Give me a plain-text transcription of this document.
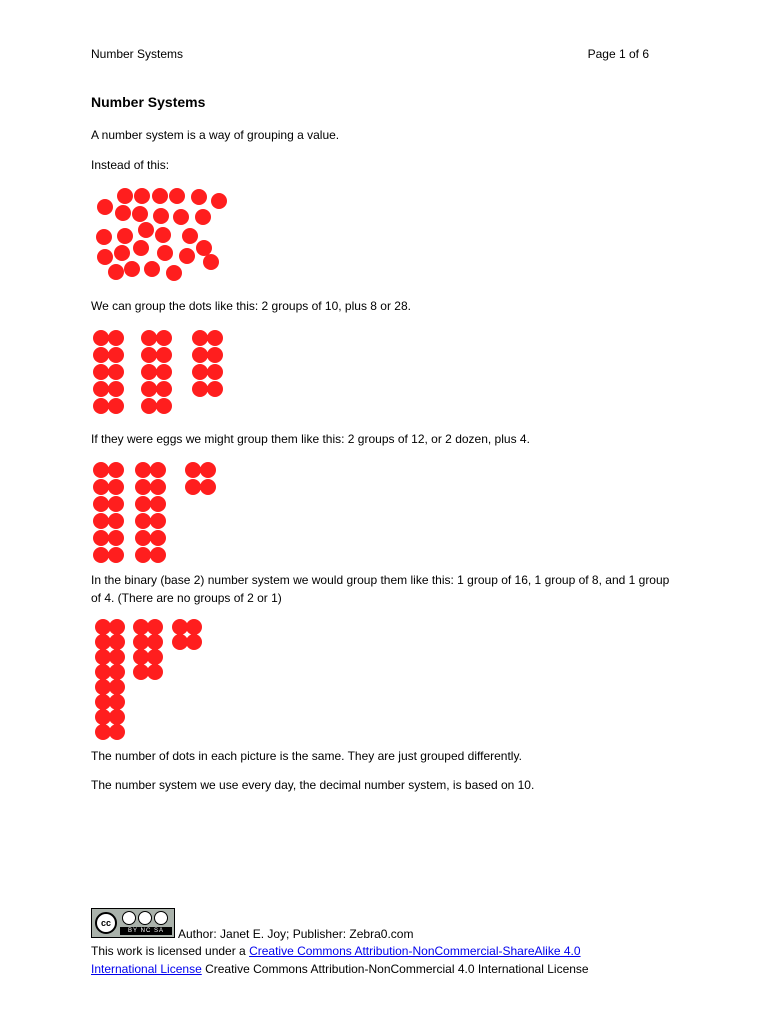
Number Systems	Page 1 of 6
Number Systems
A number system is a way of grouping a value.
Instead of this:
We can group the dots like this: 2 groups of 10, plus 8 or 28.
If they were eggs we might group them like this: 2 groups of 12, or 2 dozen, plus 4.
In the binary (base 2) number system we would group them like this: 1 group of 16, 1 group of 8, and 1 group of 4. (There are no groups of 2 or 1)
The number of dots in each picture is the same. They are just grouped differently.
The number system we use every day, the decimal number system, is based on 10.
cc
BY NC SA	Author: Janet E. Joy; Publisher: Zebra0.com
This work is licensed under a Creative Commons Attribution-NonCommercial-ShareAlike 4.0
International License Creative Commons Attribution-NonCommercial 4.0 International License
